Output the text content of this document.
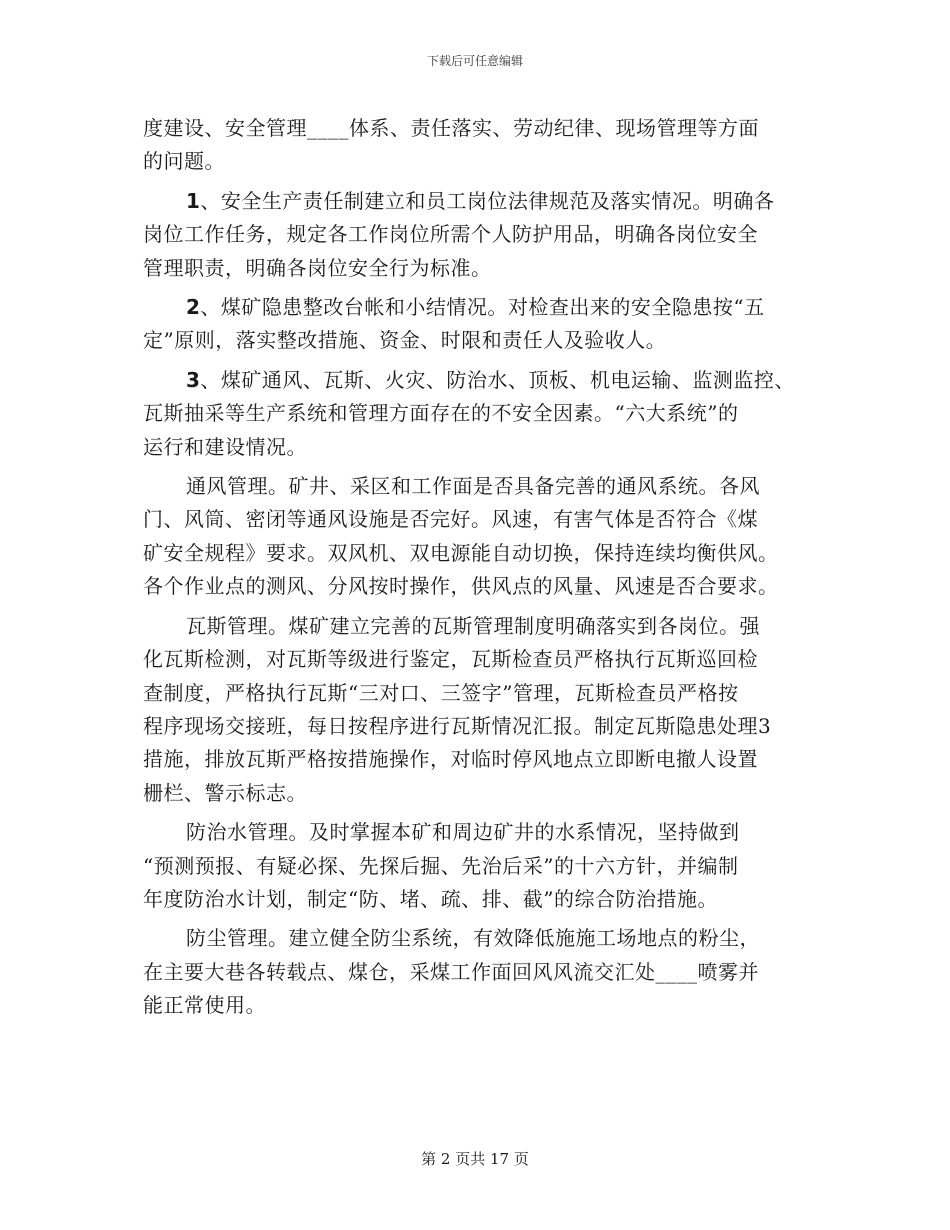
下载后可任意编辑
度建设、安全管理____体系、责任落实、劳动纪律、现场管理等方面
的问题。
1、安全生产责任制建立和员工岗位法律规范及落实情况。明确各
岗位工作任务，规定各工作岗位所需个人防护用品，明确各岗位安全
管理职责，明确各岗位安全行为标准。
2、煤矿隐患整改台帐和小结情况。对检查出来的安全隐患按“五
定”原则，落实整改措施、资金、时限和责任人及验收人。
3、煤矿通风、瓦斯、火灾、防治水、顶板、机电运输、监测监控、
瓦斯抽采等生产系统和管理方面存在的不安全因素。“六大系统”的
运行和建设情况。
通风管理。矿井、采区和工作面是否具备完善的通风系统。各风
门、风筒、密闭等通风设施是否完好。风速，有害气体是否符合《煤
矿安全规程》要求。双风机、双电源能自动切换，保持连续均衡供风。
各个作业点的测风、分风按时操作，供风点的风量、风速是否合要求。
瓦斯管理。煤矿建立完善的瓦斯管理制度明确落实到各岗位。强
化瓦斯检测，对瓦斯等级进行鉴定，瓦斯检查员严格执行瓦斯巡回检
查制度，严格执行瓦斯“三对口、三签字”管理，瓦斯检查员严格按
程序现场交接班，每日按程序进行瓦斯情况汇报。制定瓦斯隐患处理3
措施，排放瓦斯严格按措施操作，对临时停风地点立即断电撤人设置
栅栏、警示标志。
防治水管理。及时掌握本矿和周边矿井的水系情况，坚持做到
“预测预报、有疑必探、先探后掘、先治后采”的十六方针，并编制
年度防治水计划，制定“防、堵、疏、排、截”的综合防治措施。
防尘管理。建立健全防尘系统，有效降低施施工场地点的粉尘，
在主要大巷各转载点、煤仓，采煤工作面回风风流交汇处____喷雾并
能正常使用。
第 2 页共 17 页
